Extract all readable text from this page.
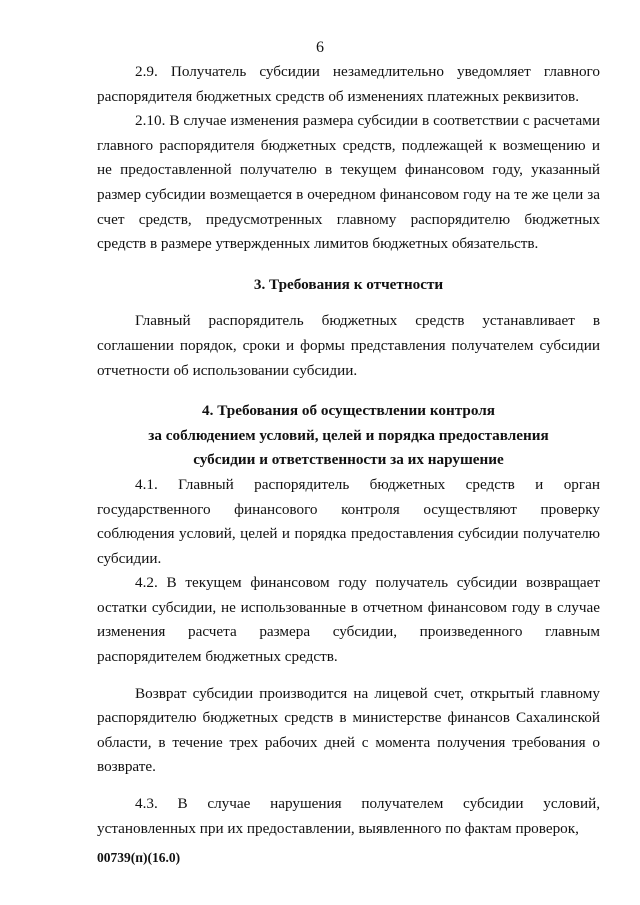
6

2.9. Получатель субсидии незамедлительно уведомляет главного распорядителя бюджетных средств об изменениях платежных реквизитов.

2.10. В случае изменения размера субсидии в соответствии с расчетами главного распорядителя бюджетных средств, подлежащей к возмещению и не предоставленной получателю в текущем финансовом году, указанный размер субсидии возмещается в очередном финансовом году на те же цели за счет средств, предусмотренных главному распорядителю бюджетных средств в размере утвержденных лимитов бюджетных обязательств.

3. Требования к отчетности

Главный распорядитель бюджетных средств устанавливает в соглашении порядок, сроки и формы представления получателем субсидии отчетности об использовании субсидии.

4. Требования об осуществлении контроля

за соблюдением условий, целей и порядка предоставления

субсидии и ответственности за их нарушение

4.1. Главный распорядитель бюджетных средств и орган государственного финансового контроля осуществляют проверку соблюдения условий, целей и порядка предоставления субсидии получателю субсидии.

4.2. В текущем финансовом году получатель субсидии возвращает остатки субсидии, не использованные в отчетном финансовом году в случае изменения расчета размера субсидии, произведенного главным распорядителем бюджетных средств.

Возврат субсидии производится на лицевой счет, открытый главному распорядителю бюджетных средств в министерстве финансов Сахалинской области, в течение трех рабочих дней с момента получения требования о возврате.

4.3. В случае нарушения получателем субсидии условий, установленных при их предоставлении, выявленного по фактам проверок,

00739(п)(16.0)
